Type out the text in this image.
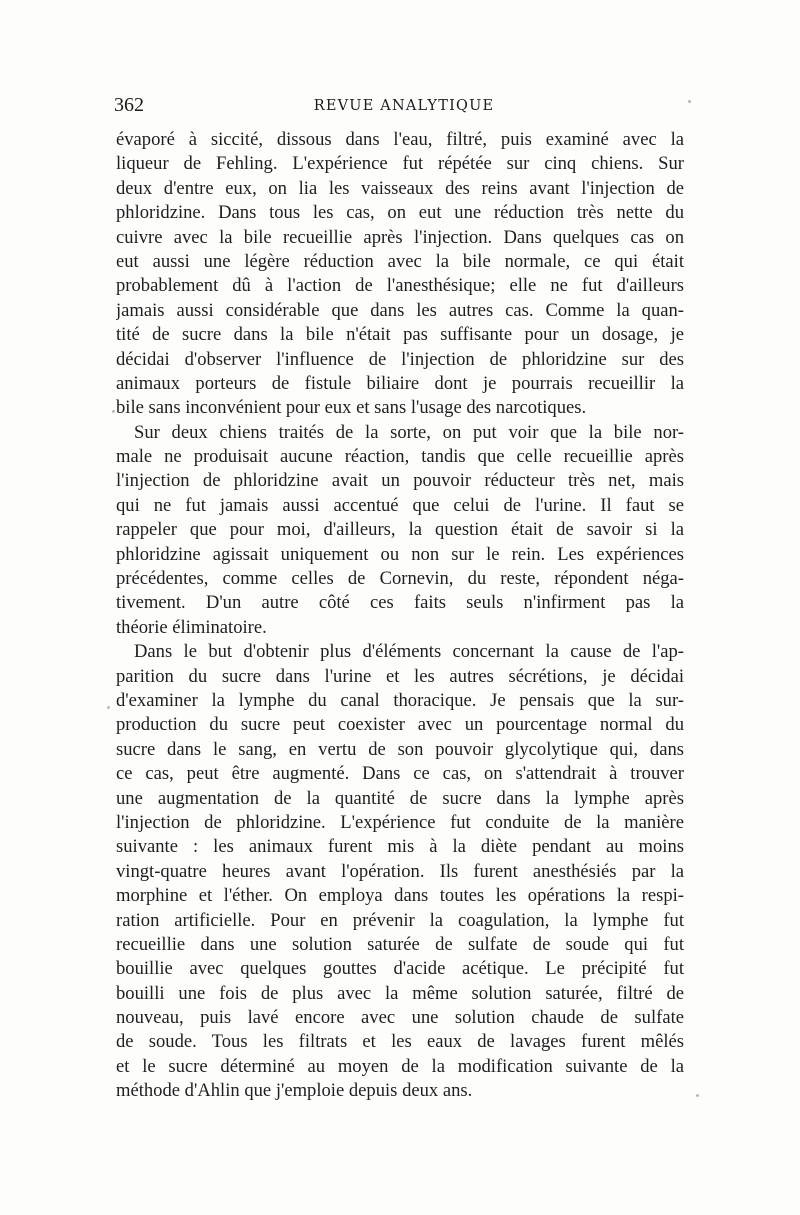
362	REVUE ANALYTIQUE
évaporé à siccité, dissous dans l'eau, filtré, puis examiné avec la
liqueur de Fehling. L'expérience fut répétée sur cinq chiens. Sur
deux d'entre eux, on lia les vaisseaux des reins avant l'injection de
phloridzine. Dans tous les cas, on eut une réduction très nette du
cuivre avec la bile recueillie après l'injection. Dans quelques cas on
eut aussi une légère réduction avec la bile normale, ce qui était
probablement dû à l'action de l'anesthésique; elle ne fut d'ailleurs
jamais aussi considérable que dans les autres cas. Comme la quan-
tité de sucre dans la bile n'était pas suffisante pour un dosage, je
décidai d'observer l'influence de l'injection de phloridzine sur des
animaux porteurs de fistule biliaire dont je pourrais recueillir la
bile sans inconvénient pour eux et sans l'usage des narcotiques.
Sur deux chiens traités de la sorte, on put voir que la bile nor-
male ne produisait aucune réaction, tandis que celle recueillie après
l'injection de phloridzine avait un pouvoir réducteur très net, mais
qui ne fut jamais aussi accentué que celui de l'urine. Il faut se
rappeler que pour moi, d'ailleurs, la question était de savoir si la
phloridzine agissait uniquement ou non sur le rein. Les expériences
précédentes, comme celles de Cornevin, du reste, répondent néga-
tivement. D'un autre côté ces faits seuls n'infirment pas la
théorie éliminatoire.
Dans le but d'obtenir plus d'éléments concernant la cause de l'ap-
parition du sucre dans l'urine et les autres sécrétions, je décidai
d'examiner la lymphe du canal thoracique. Je pensais que la sur-
production du sucre peut coexister avec un pourcentage normal du
sucre dans le sang, en vertu de son pouvoir glycolytique qui, dans
ce cas, peut être augmenté. Dans ce cas, on s'attendrait à trouver
une augmentation de la quantité de sucre dans la lymphe après
l'injection de phloridzine. L'expérience fut conduite de la manière
suivante : les animaux furent mis à la diète pendant au moins
vingt-quatre heures avant l'opération. Ils furent anesthésiés par la
morphine et l'éther. On employa dans toutes les opérations la respi-
ration artificielle. Pour en prévenir la coagulation, la lymphe fut
recueillie dans une solution saturée de sulfate de soude qui fut
bouillie avec quelques gouttes d'acide acétique. Le précipité fut
bouilli une fois de plus avec la même solution saturée, filtré de
nouveau, puis lavé encore avec une solution chaude de sulfate
de soude. Tous les filtrats et les eaux de lavages furent mêlés
et le sucre déterminé au moyen de la modification suivante de la
méthode d'Ahlin que j'emploie depuis deux ans.
